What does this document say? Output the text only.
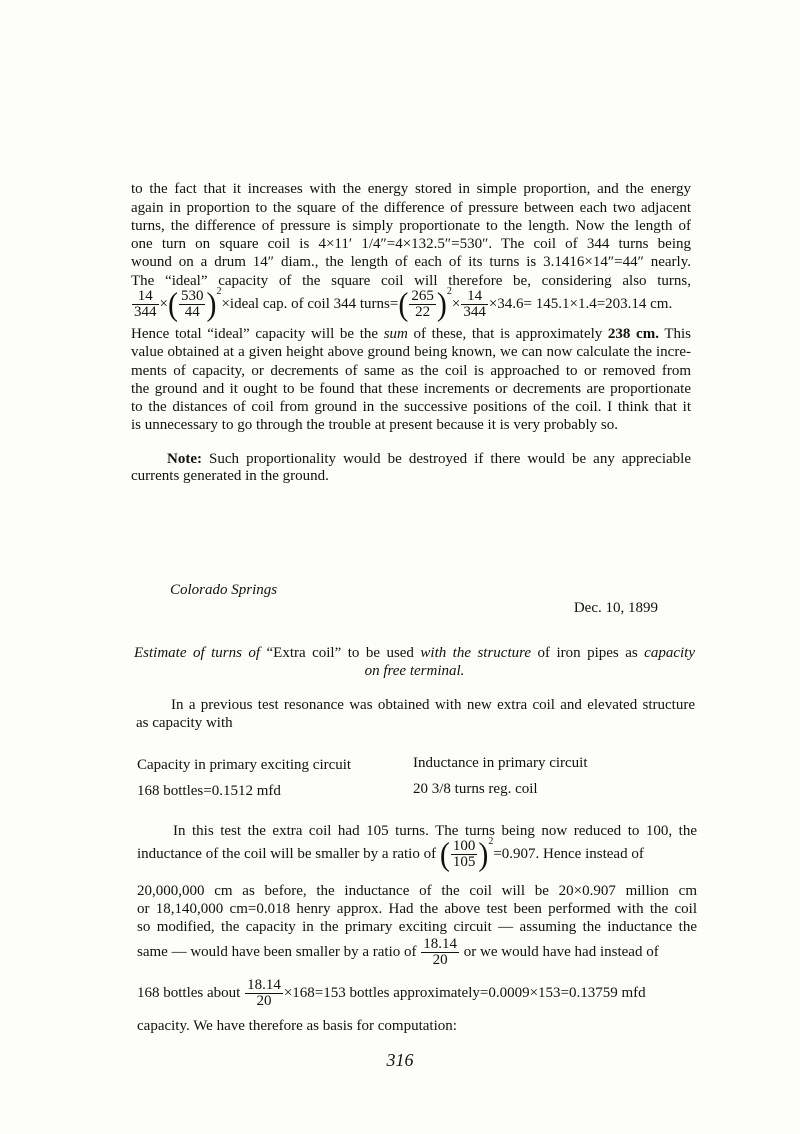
to the fact that it increases with the energy stored in simple proportion, and the energy
again in proportion to the square of the difference of pressure between each two adjacent
turns, the difference of pressure is simply proportionate to the length. Now the length of
one turn on square coil is 4×11′ 1/4″=4×132.5″=530″. The coil of 344 turns being
wound on a drum 14″ diam., the length of each of its turns is 3.1416×14″=44″ nearly.
The “ideal” capacity of the square coil will therefore be, considering also turns,
$\frac{14}{344}$ ×( $\frac{530}{44}$ )2×ideal cap. of coil 344 turns=( $\frac{265}{22} )2\times \frac{14}{344} \times 34.6= 145.1\times 1.4=203.14$ cm.
Hence total “ideal” capacity will be the sum of these, that is approximately 238 cm. This
value obtained at a given height above ground being known, we can now calculate the incre-
ments of capacity, or decrements of same as the coil is approached to or removed from
the ground and it ought to be found that these increments or decrements are proportionate
to the distances of coil from ground in the successive positions of the coil. I think that it
is unnecessary to go through the trouble at present because it is very probably so.
Note: Such proportionality would be destroyed if there would be any appreciable
currents generated in the ground.
Colorado Springs
Dec. 10, 1899
Estimate of turns of “Extra coil” to be used with the structure of iron pipes as capacity
on free terminal.
In a previous test resonance was obtained with new extra coil and elevated structure
as capacity with
Capacity in primary exciting circuit	Inductance in primary circuit
168 bottles=0.1512 mfd	20 3/8 turns reg. coil
In this test the extra coil had 105 turns. The turns being now reduced to 100, the
inductance of the coil will be smaller by a ratio of ( $\frac{100}{105} )2=0.907$. Hence instead of
20,000,000 cm as before, the inductance of the coil will be 20×0.907 million cm
or 18,140,000 cm=0.018 henry approx. Had the above test been performed with the coil
so modified, the capacity in the primary exciting circuit — assuming the inductance the
same — would have been smaller by a ratio of $\frac{18.14}{20}$ or we would have had instead of
168 bottles about $\frac{18.14}{20} \times 168=153$ bottles approximately=0.0009×153=0.13759 mfd
capacity. We have therefore as basis for computation:
316
